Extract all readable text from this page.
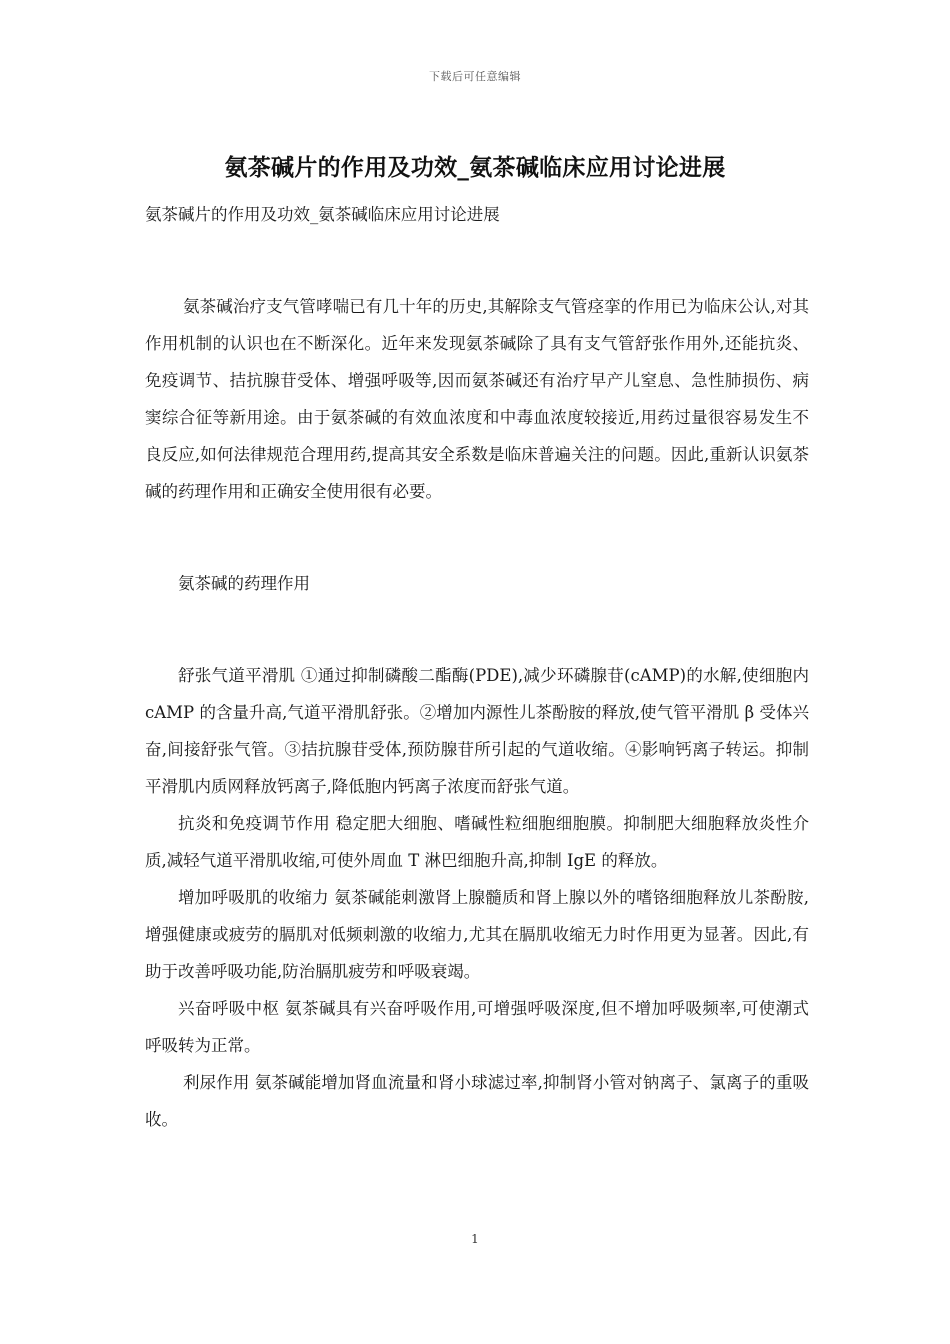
下载后可任意编辑
氨茶碱片的作用及功效_氨茶碱临床应用讨论进展

氨茶碱片的作用及功效_氨茶碱临床应用讨论进展

氨茶碱治疗支气管哮喘已有几十年的历史,其解除支气管痉挛的作用已为临床公认,对其作用机制的认识也在不断深化。近年来发现氨茶碱除了具有支气管舒张作用外,还能抗炎、免疫调节、拮抗腺苷受体、增强呼吸等,因而氨茶碱还有治疗早产儿窒息、急性肺损伤、病窦综合征等新用途。由于氨茶碱的有效血浓度和中毒血浓度较接近,用药过量很容易发生不良反应,如何法律规范合理用药,提高其安全系数是临床普遍关注的问题。因此,重新认识氨茶碱的药理作用和正确安全使用很有必要。

氨茶碱的药理作用

舒张气道平滑肌 ①通过抑制磷酸二酯酶(PDE),减少环磷腺苷(cAMP)的水解,使细胞内 cAMP 的含量升高,气道平滑肌舒张。②增加内源性儿茶酚胺的释放,使气管平滑肌 β 受体兴奋,间接舒张气管。③拮抗腺苷受体,预防腺苷所引起的气道收缩。④影响钙离子转运。抑制平滑肌内质网释放钙离子,降低胞内钙离子浓度而舒张气道。

抗炎和免疫调节作用 稳定肥大细胞、嗜碱性粒细胞细胞膜。抑制肥大细胞释放炎性介质,减轻气道平滑肌收缩,可使外周血 T 淋巴细胞升高,抑制 IgE 的释放。

增加呼吸肌的收缩力 氨茶碱能刺激肾上腺髓质和肾上腺以外的嗜铬细胞释放儿茶酚胺,增强健康或疲劳的膈肌对低频刺激的收缩力,尤其在膈肌收缩无力时作用更为显著。因此,有助于改善呼吸功能,防治膈肌疲劳和呼吸衰竭。

兴奋呼吸中枢 氨茶碱具有兴奋呼吸作用,可增强呼吸深度,但不增加呼吸频率,可使潮式呼吸转为正常。

利尿作用 氨茶碱能增加肾血流量和肾小球滤过率,抑制肾小管对钠离子、氯离子的重吸收。

1
